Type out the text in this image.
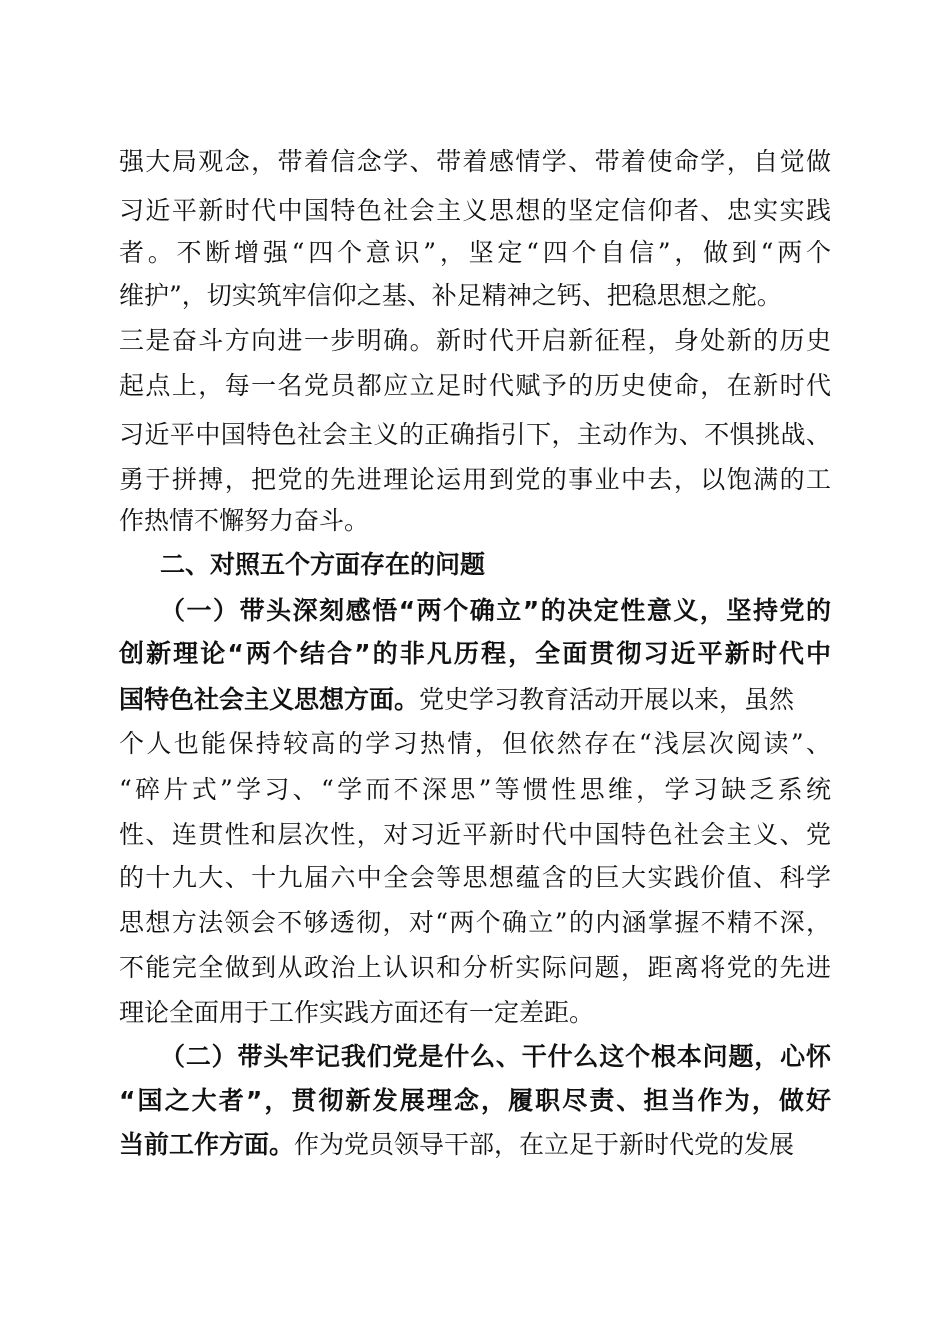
强大局观念，带着信念学、带着感情学、带着使命学，自觉做
习近平新时代中国特色社会主义思想的坚定信仰者、忠实实践
者。不断增强“四个意识”，坚定“四个自信”，做到“两个
维护”，切实筑牢信仰之基、补足精神之钙、把稳思想之舵。
三是奋斗方向进一步明确。新时代开启新征程，身处新的历史
起点上，每一名党员都应立足时代赋予的历史使命，在新时代
习近平中国特色社会主义的正确指引下，主动作为、不惧挑战、
勇于拼搏，把党的先进理论运用到党的事业中去，以饱满的工
作热情不懈努力奋斗。
二、对照五个方面存在的问题
（一）带头深刻感悟“两个确立”的决定性意义，坚持党的
创新理论“两个结合”的非凡历程，全面贯彻习近平新时代中
国特色社会主义思想方面。党史学习教育活动开展以来，虽然
个人也能保持较高的学习热情，但依然存在“浅层次阅读”、
“碎片式”学习、“学而不深思”等惯性思维，学习缺乏系统
性、连贯性和层次性，对习近平新时代中国特色社会主义、党
的十九大、十九届六中全会等思想蕴含的巨大实践价值、科学
思想方法领会不够透彻，对“两个确立”的内涵掌握不精不深，
不能完全做到从政治上认识和分析实际问题，距离将党的先进
理论全面用于工作实践方面还有一定差距。
（二）带头牢记我们党是什么、干什么这个根本问题，心怀
“国之大者”，贯彻新发展理念，履职尽责、担当作为，做好
当前工作方面。作为党员领导干部，在立足于新时代党的发展
